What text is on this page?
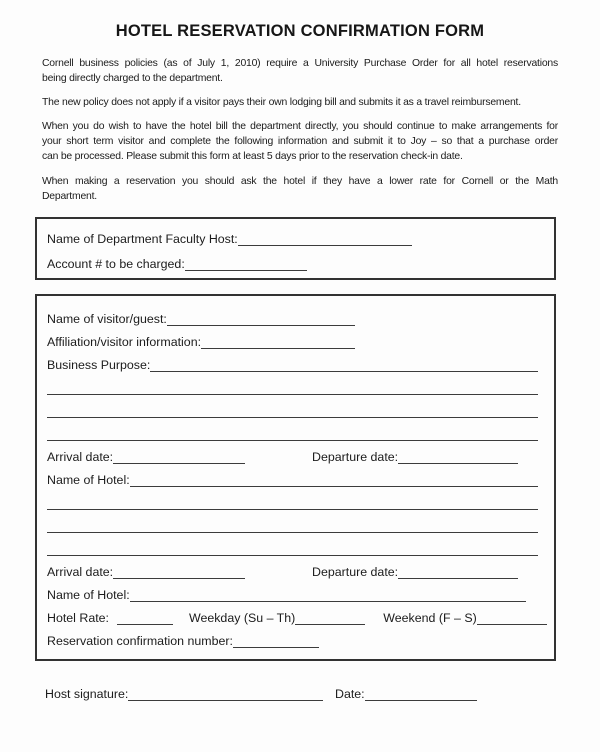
HOTEL RESERVATION CONFIRMATION FORM
Cornell business policies (as of July 1, 2010) require a University Purchase Order for all hotel reservations
being directly charged to the department.
The new policy does not apply if a visitor pays their own lodging bill and submits it as a travel reimbursement.
When you do wish to have the hotel bill the department directly, you should continue to make arrangements for
your short term visitor and complete the following information and submit it to Joy – so that a purchase order
can be processed. Please submit this form at least 5 days prior to the reservation check-in date.
When making a reservation you should ask the hotel if they have a lower rate for Cornell or the Math
Department.
Name of Department Faculty Host:
Account # to be charged:
Name of visitor/guest:
Affiliation/visitor information:
Business Purpose:
Arrival date:	Departure date:
Name of Hotel:
Arrival date:	Departure date:
Name of Hotel:
Hotel Rate:	Weekday (Su – Th)	Weekend (F – S)
Reservation confirmation number:
Host signature:	Date:
